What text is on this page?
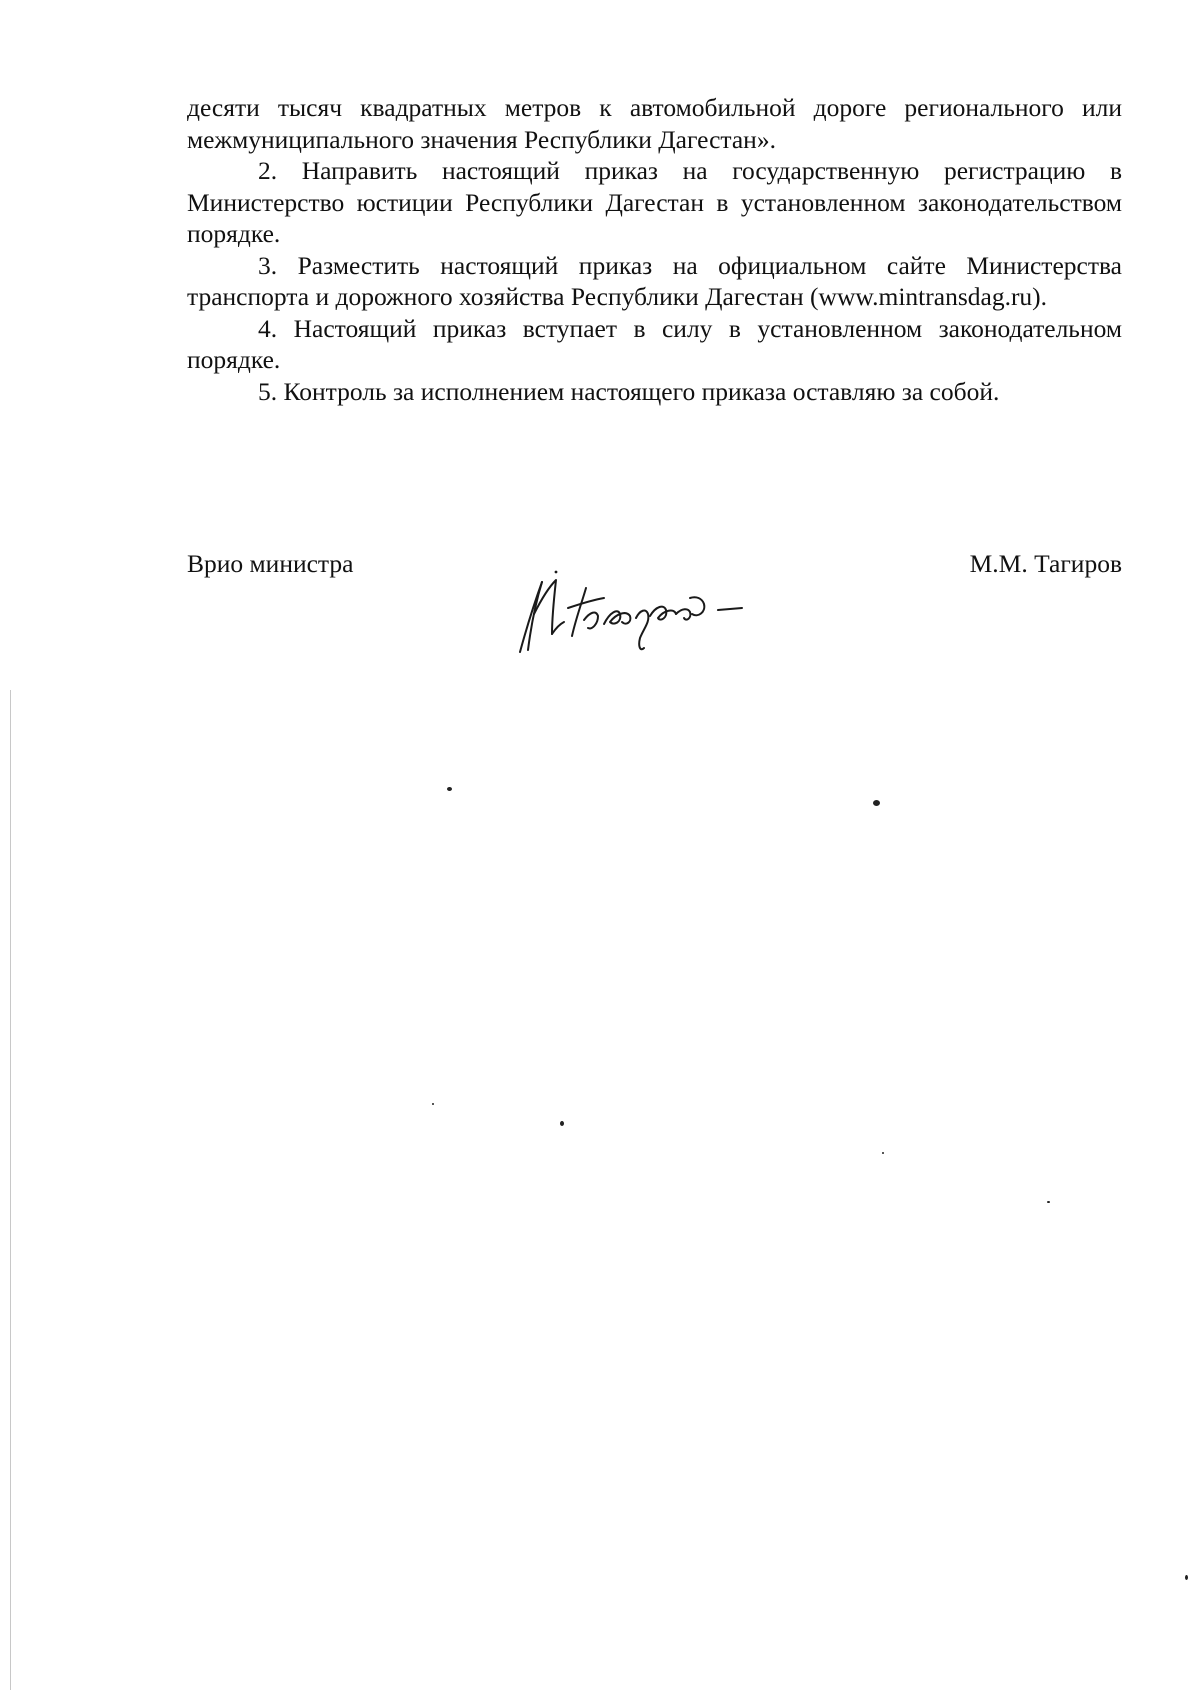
десяти тысяч квадратных метров к автомобильной дороге регионального или межмуниципального значения Республики Дагестан».

2. Направить настоящий приказ на государственную регистрацию в Министерство юстиции Республики Дагестан в установленном законодательством порядке.

3. Разместить настоящий приказ на официальном сайте Министерства транспорта и дорожного хозяйства Республики Дагестан (www.mintransdag.ru).

4. Настоящий приказ вступает в силу в установленном законодательном порядке.

5. Контроль за исполнением настоящего приказа оставляю за собой.

Врио министра	М.М. Тагиров
